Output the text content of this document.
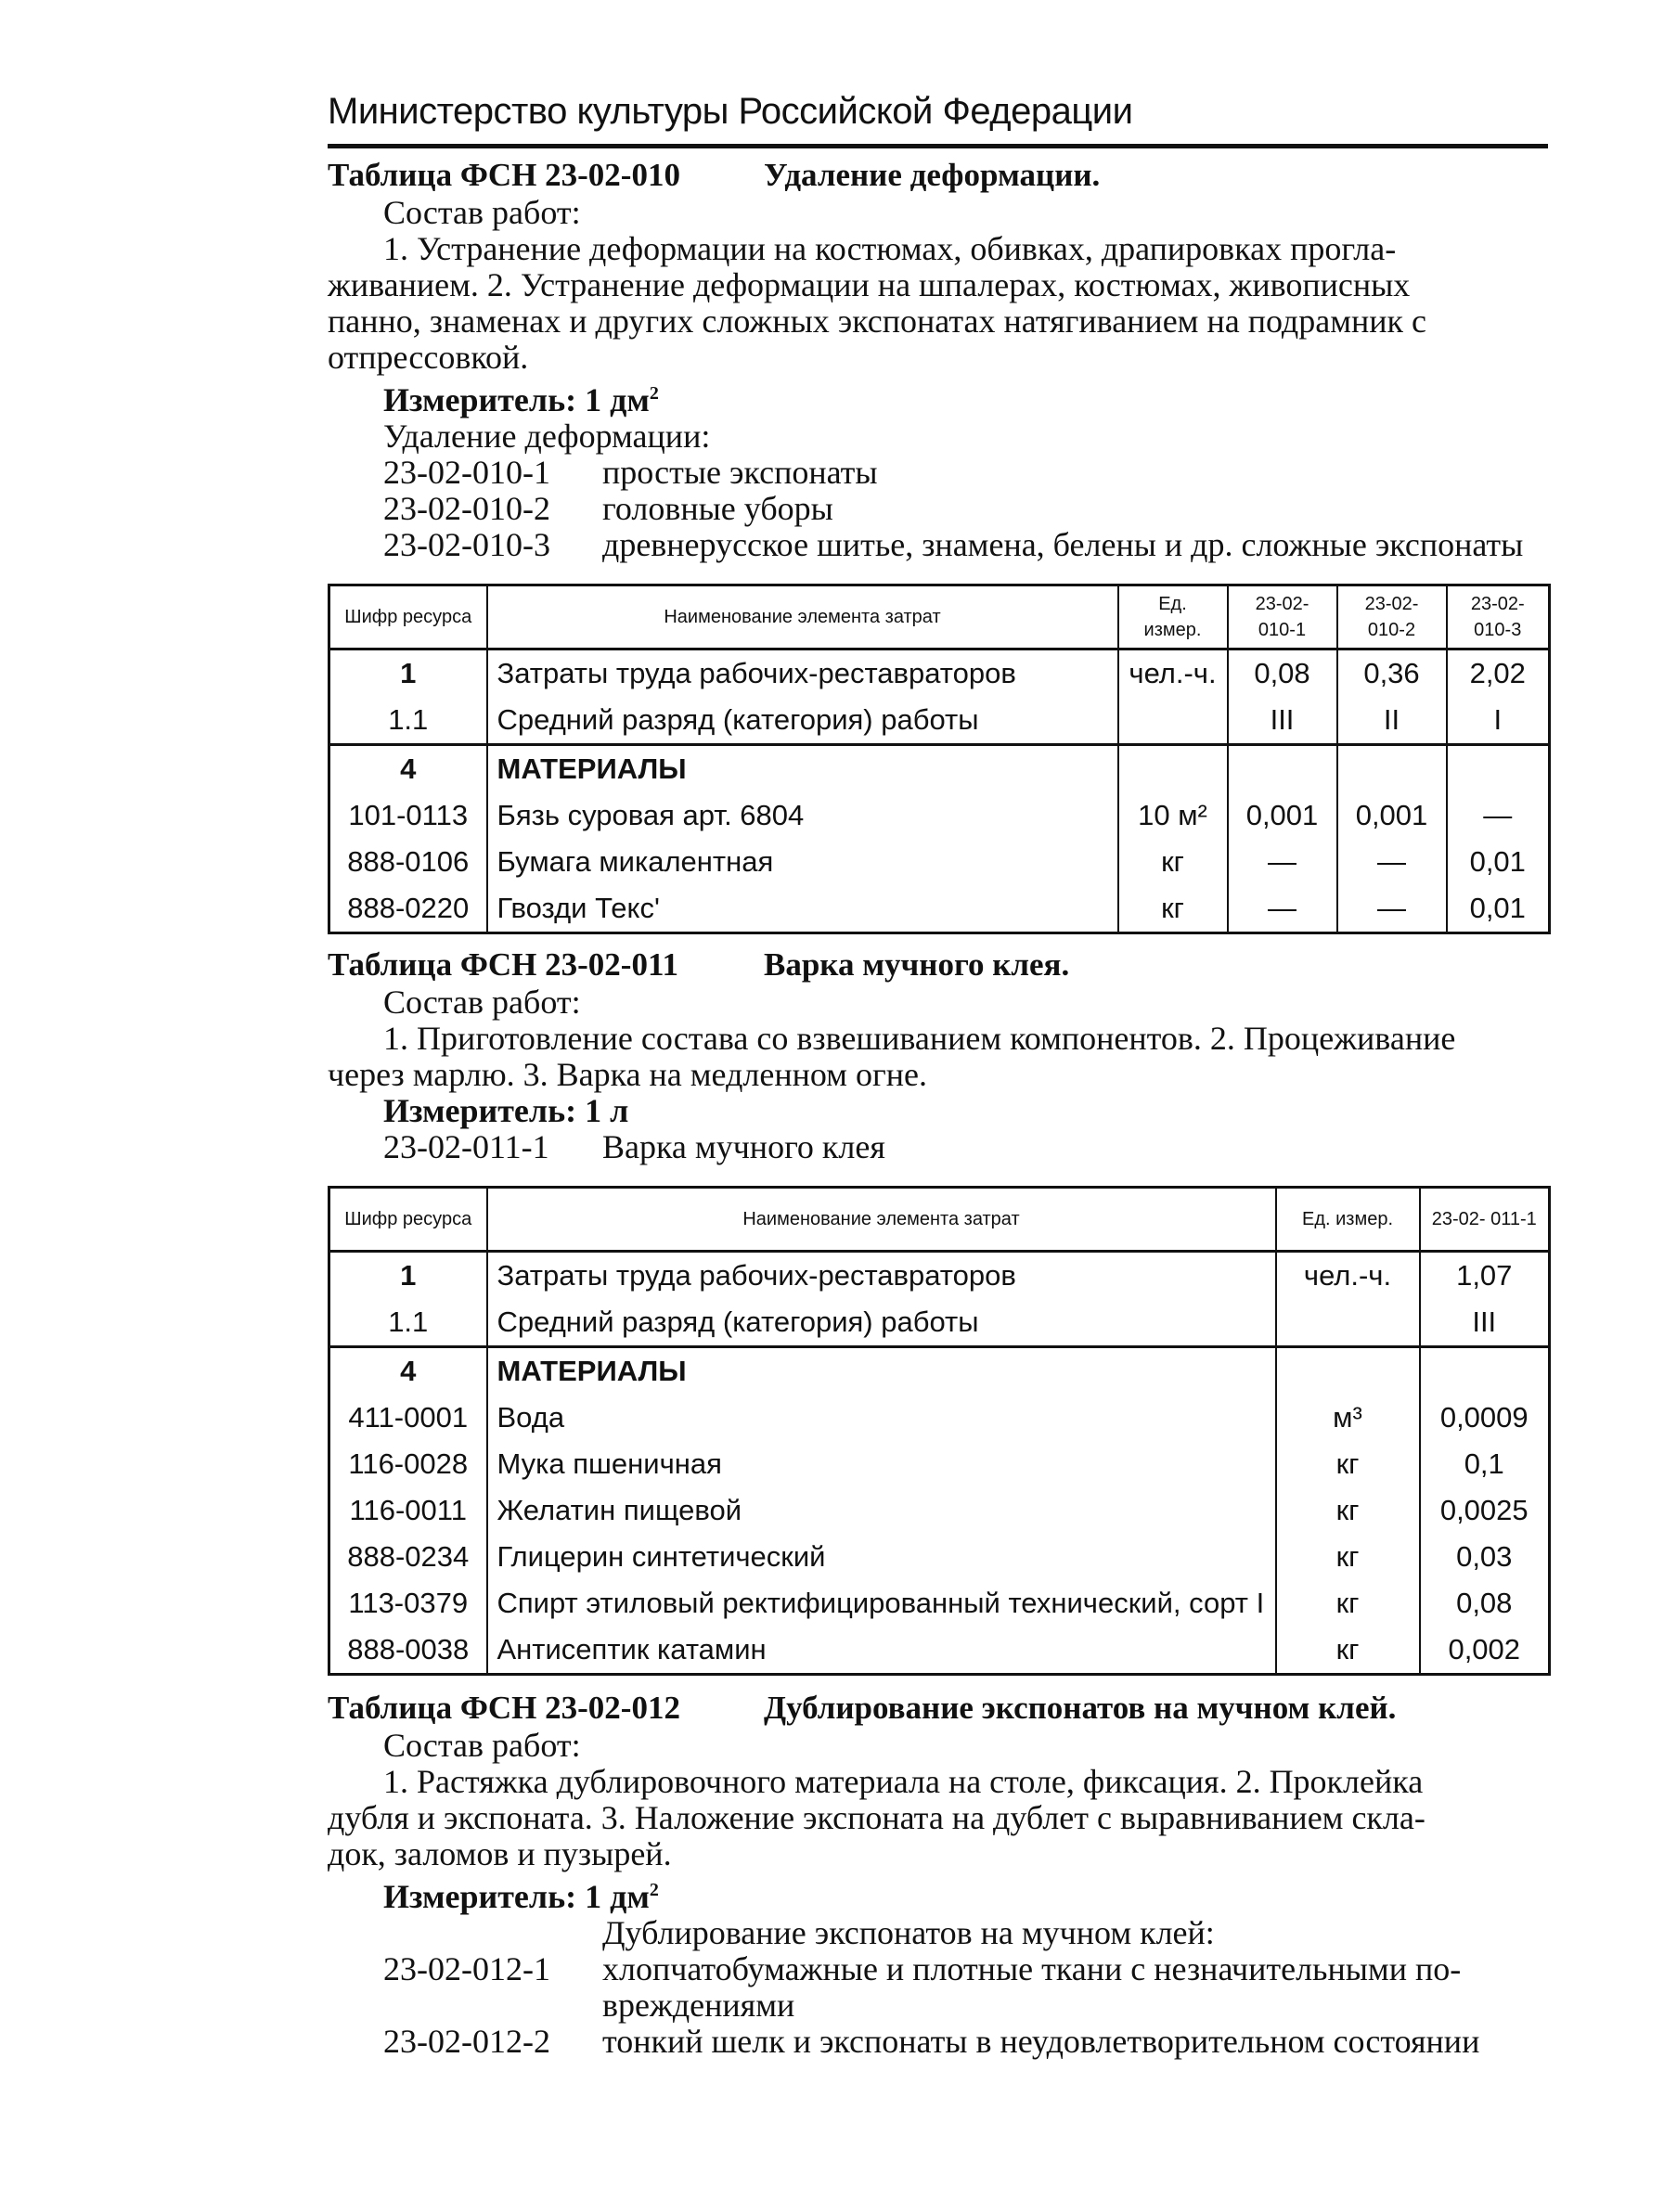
Министерство культуры Российской Федерации
Таблица ФСН 23-02-010	Удаление деформации.
Состав работ:
1. Устранение деформации на костюмах, обивках, драпировках прогла-
живанием. 2. Устранение деформации на шпалерах, костюмах, живописных
панно, знаменах и других сложных экспонатах натягиванием на подрамник с
отпрессовкой.
Измеритель: 1 $дм^2$
Удаление деформации:
23-02-010-1	простые экспонаты
23-02-010-2	головные уборы
23-02-010-3	древнерусское шитье, знамена, белены и др. сложные экспонаты
Шифр ресурса	Наименование элемента затрат	Ед. измер.	23-02- 010-1	23-02- 010-2	23-02- 010-3
1	Затраты труда рабочих-реставраторов	чел.-ч.	0,08	0,36	2,02
1.1	Средний разряд (категория) работы		III	II	I
4	МАТЕРИАЛЫ				
101-0113	Бязь суровая арт. 6804	10 м²	0,001	0,001	—
888-0106	Бумага микалентная	кг	—	—	0,01
888-0220	Гвозди Текс'	кг	—	—	0,01
Таблица ФСН 23-02-011	Варка мучного клея.
Состав работ:
1. Приготовление состава со взвешиванием компонентов. 2. Процеживание
через марлю. 3. Варка на медленном огне.
Измеритель: 1 л
23-02-011-1	Варка мучного клея
Шифр ресурса	Наименование элемента затрат	Ед. измер.	23-02- 011-1
1	Затраты труда рабочих-реставраторов	чел.-ч.	1,07
1.1	Средний разряд (категория) работы		III
4	МАТЕРИАЛЫ		
411-0001	Вода	м³	0,0009
116-0028	Мука пшеничная	кг	0,1
116-0011	Желатин пищевой	кг	0,0025
888-0234	Глицерин синтетический	кг	0,03
113-0379	Спирт этиловый ректифицированный технический, сорт I	кг	0,08
888-0038	Антисептик катамин	кг	0,002
Таблица ФСН 23-02-012	Дублирование экспонатов на мучном клей.
Состав работ:
1. Растяжка дублировочного материала на столе, фиксация. 2. Проклейка
дубля и экспоната. 3. Наложение экспоната на дублет с выравниванием скла-
док, заломов и пузырей.
Измеритель: 1 $дм^2$
Дублирование экспонатов на мучном клей:
23-02-012-1	хлопчатобумажные и плотные ткани с незначительными по-
вреждениями
23-02-012-2	тонкий шелк и экспонаты в неудовлетворительном состоянии
